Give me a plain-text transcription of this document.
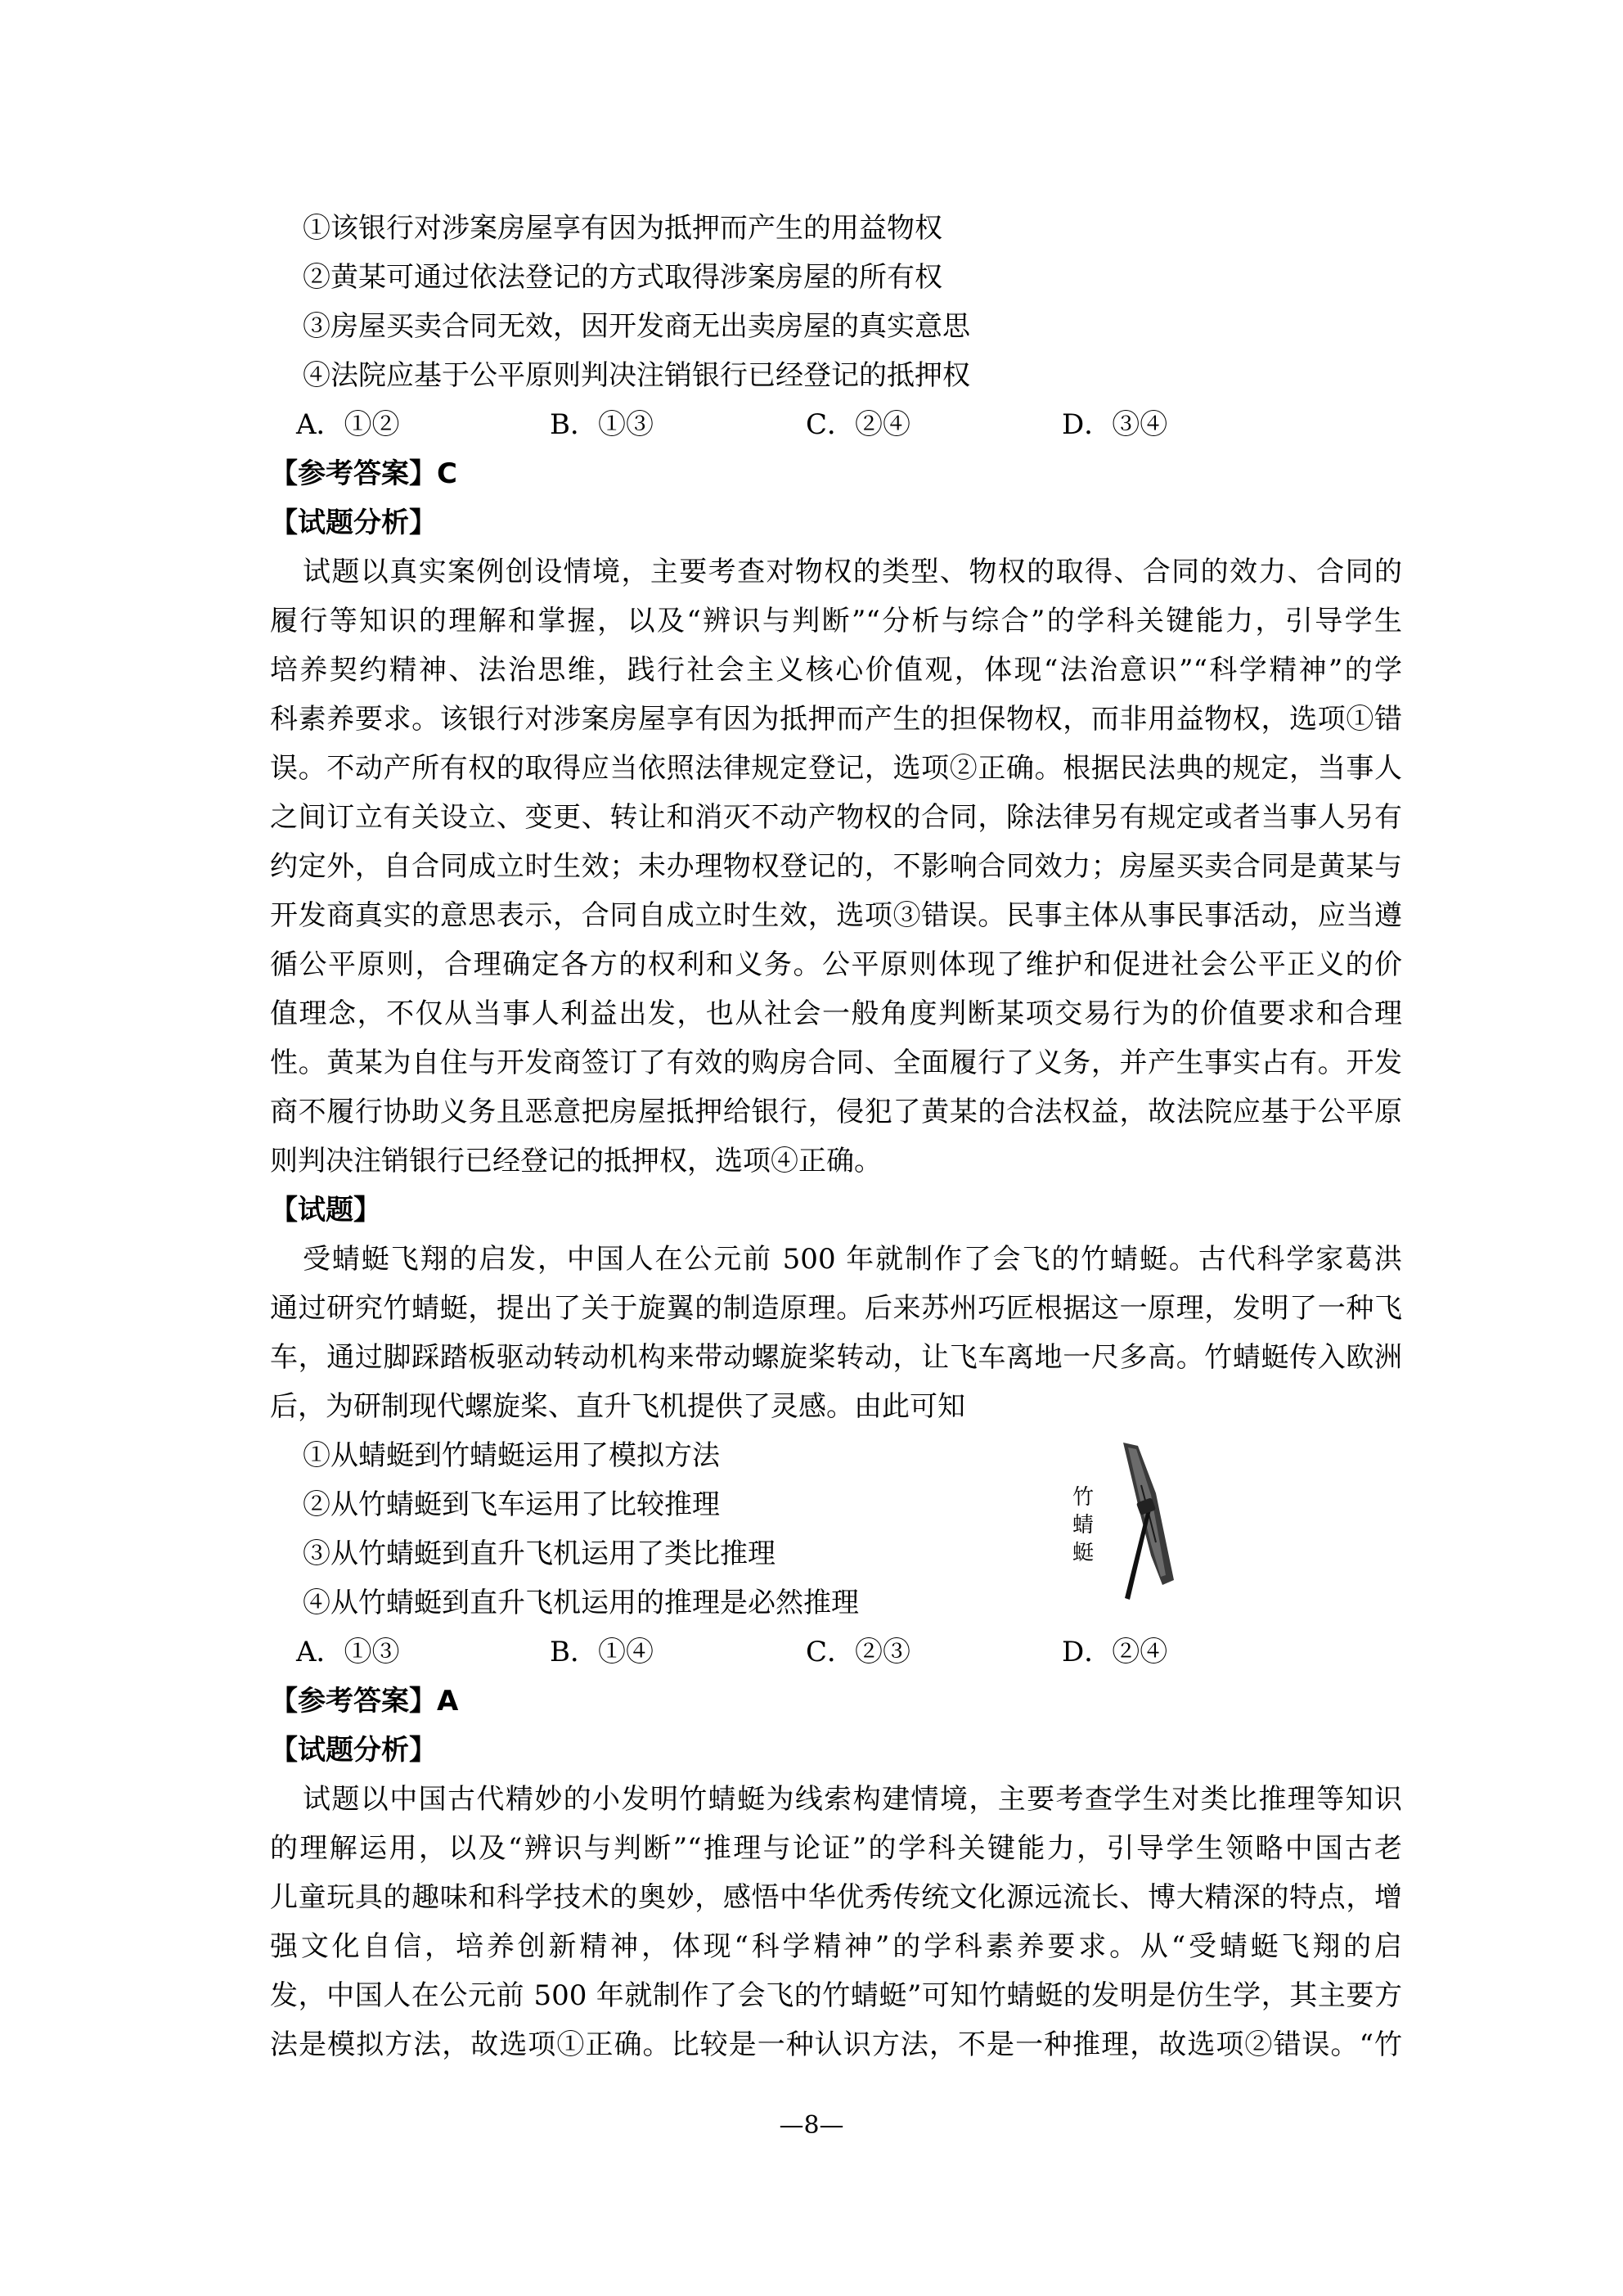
①该银行对涉案房屋享有因为抵押而产生的用益物权
②黄某可通过依法登记的方式取得涉案房屋的所有权
③房屋买卖合同无效，因开发商无出卖房屋的真实意思
④法院应基于公平原则判决注销银行已经登记的抵押权
A．①②	B．①③	C．②④	D．③④
【参考答案】C
【试题分析】
试题以真实案例创设情境，主要考查对物权的类型、物权的取得、合同的效力、合同的
履行等知识的理解和掌握，以及“辨识与判断”“分析与综合”的学科关键能力，引导学生
培养契约精神、法治思维，践行社会主义核心价值观，体现“法治意识”“科学精神”的学
科素养要求。该银行对涉案房屋享有因为抵押而产生的担保物权，而非用益物权，选项①错
误。不动产所有权的取得应当依照法律规定登记，选项②正确。根据民法典的规定，当事人
之间订立有关设立、变更、转让和消灭不动产物权的合同，除法律另有规定或者当事人另有
约定外，自合同成立时生效；未办理物权登记的，不影响合同效力；房屋买卖合同是黄某与
开发商真实的意思表示，合同自成立时生效，选项③错误。民事主体从事民事活动，应当遵
循公平原则，合理确定各方的权利和义务。公平原则体现了维护和促进社会公平正义的价
值理念，不仅从当事人利益出发，也从社会一般角度判断某项交易行为的价值要求和合理
性。黄某为自住与开发商签订了有效的购房合同、全面履行了义务，并产生事实占有。开发
商不履行协助义务且恶意把房屋抵押给银行，侵犯了黄某的合法权益，故法院应基于公平原
则判决注销银行已经登记的抵押权，选项④正确。
【试题】
受蜻蜓飞翔的启发，中国人在公元前 500 年就制作了会飞的竹蜻蜓。古代科学家葛洪
通过研究竹蜻蜓，提出了关于旋翼的制造原理。后来苏州巧匠根据这一原理，发明了一种飞
车，通过脚踩踏板驱动转动机构来带动螺旋桨转动，让飞车离地一尺多高。竹蜻蜓传入欧洲
后，为研制现代螺旋桨、直升飞机提供了灵感。由此可知
①从蜻蜓到竹蜻蜓运用了模拟方法
②从竹蜻蜓到飞车运用了比较推理
③从竹蜻蜓到直升飞机运用了类比推理
④从竹蜻蜓到直升飞机运用的推理是必然推理
竹蜻蜓
A．①③	B．①④	C．②③	D．②④
【参考答案】A
【试题分析】
试题以中国古代精妙的小发明竹蜻蜓为线索构建情境，主要考查学生对类比推理等知识
的理解运用，以及“辨识与判断”“推理与论证”的学科关键能力，引导学生领略中国古老
儿童玩具的趣味和科学技术的奥妙，感悟中华优秀传统文化源远流长、博大精深的特点，增
强文化自信，培养创新精神，体现“科学精神”的学科素养要求。从“受蜻蜓飞翔的启
发，中国人在公元前 500 年就制作了会飞的竹蜻蜓”可知竹蜻蜓的发明是仿生学，其主要方
法是模拟方法，故选项①正确。比较是一种认识方法，不是一种推理，故选项②错误。“竹
—8—
